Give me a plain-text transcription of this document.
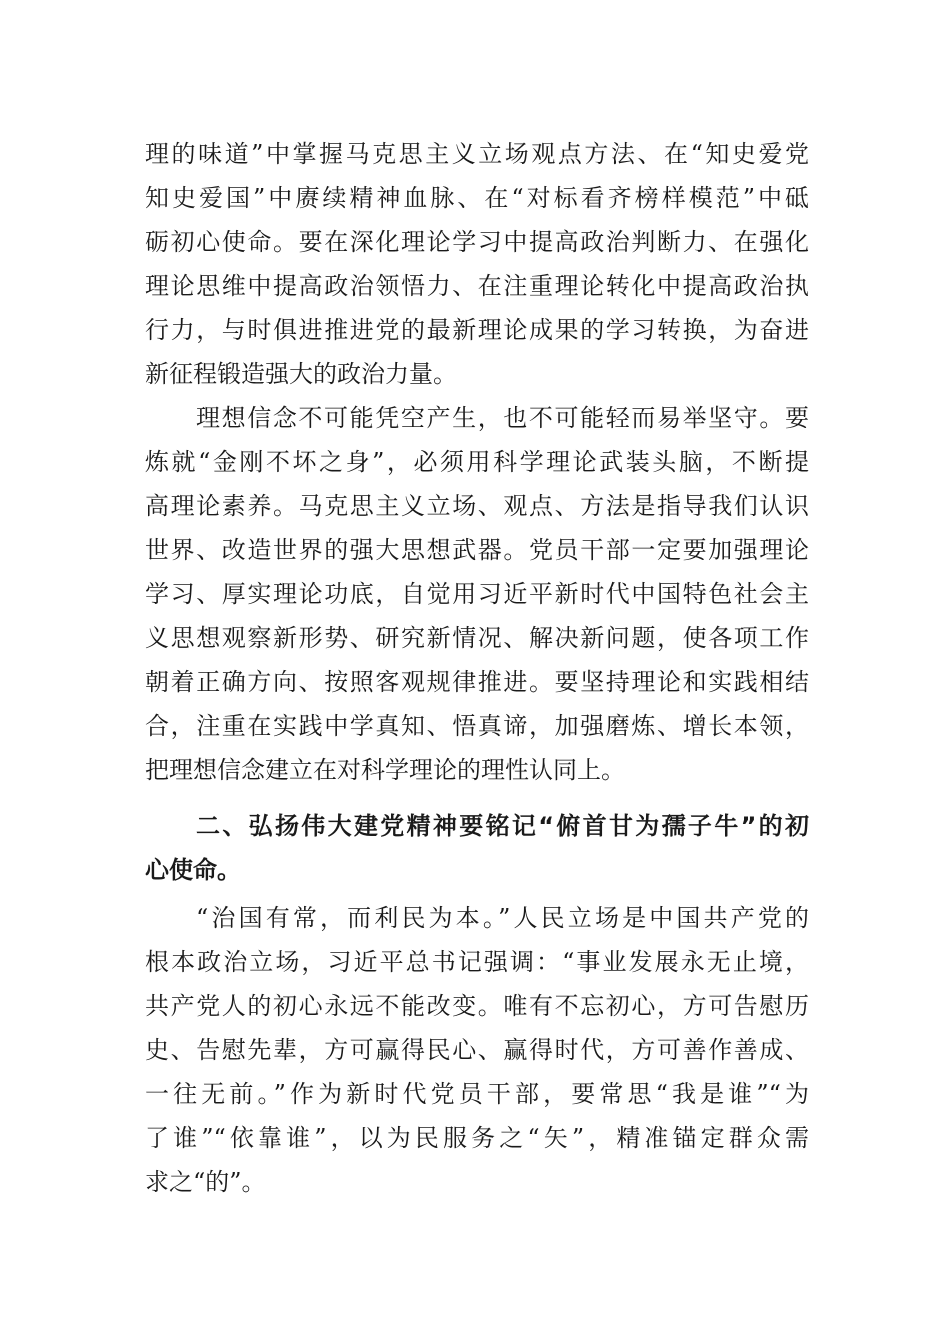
理的味道”中掌握马克思主义立场观点方法、在“知史爱党
知史爱国”中赓续精神血脉、在“对标看齐榜样模范”中砥
砺初心使命。要在深化理论学习中提高政治判断力、在强化
理论思维中提高政治领悟力、在注重理论转化中提高政治执
行力，与时俱进推进党的最新理论成果的学习转换，为奋进
新征程锻造强大的政治力量。
理想信念不可能凭空产生，也不可能轻而易举坚守。要
炼就“金刚不坏之身”，必须用科学理论武装头脑，不断提
高理论素养。马克思主义立场、观点、方法是指导我们认识
世界、改造世界的强大思想武器。党员干部一定要加强理论
学习、厚实理论功底，自觉用习近平新时代中国特色社会主
义思想观察新形势、研究新情况、解决新问题，使各项工作
朝着正确方向、按照客观规律推进。要坚持理论和实践相结
合，注重在实践中学真知、悟真谛，加强磨炼、增长本领，
把理想信念建立在对科学理论的理性认同上。
二、弘扬伟大建党精神要铭记“俯首甘为孺子牛”的初
心使命。
“治国有常，而利民为本。”人民立场是中国共产党的
根本政治立场，习近平总书记强调：“事业发展永无止境，
共产党人的初心永远不能改变。唯有不忘初心，方可告慰历
史、告慰先辈，方可赢得民心、赢得时代，方可善作善成、
一往无前。”作为新时代党员干部，要常思“我是谁”“为
了谁”“依靠谁”，以为民服务之“矢”，精准锚定群众需
求之“的”。
